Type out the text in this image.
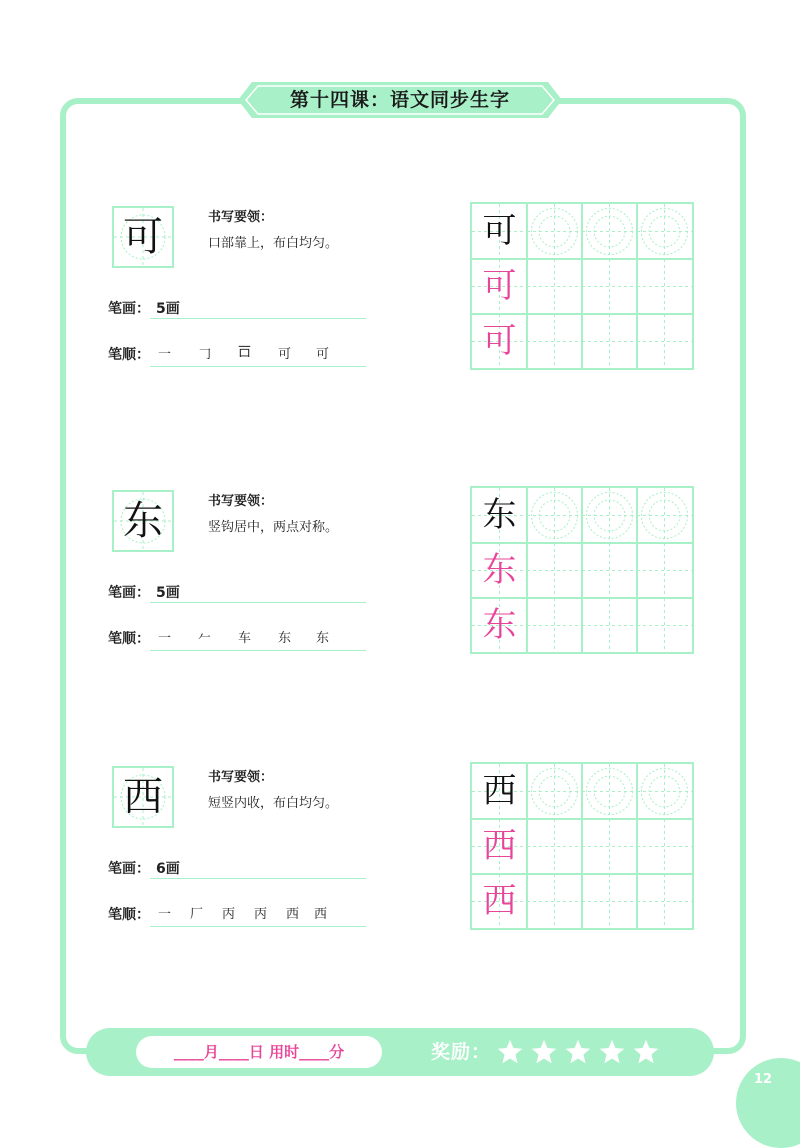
第十四课：语文同步生字
可	书写要领：
口部靠上，布白均匀。
笔画： 5画
笔顺： 一 𠃌 𠮛 可 可
可
可
可
东	书写要领：
竖钩居中，两点对称。
笔画： 5画
笔顺： 一 𠂉 车 东 东
东
东
东
西	书写要领：
短竖内收，布白均匀。
笔画： 6画
笔顺： 一 厂 丙 丙 西 西
西
西
西
____月____日 用时____分	奖励：
12
